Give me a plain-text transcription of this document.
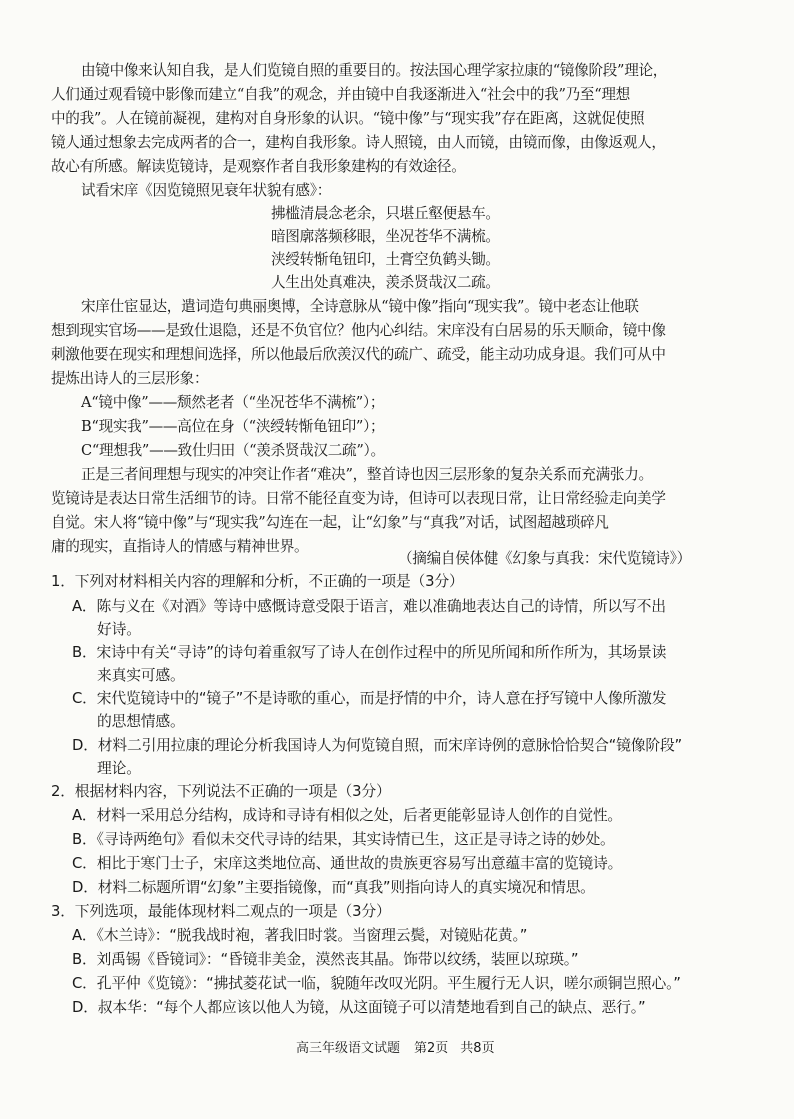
由镜中像来认知自我，是人们览镜自照的重要目的。按法国心理学家拉康的“镜像阶段”理论，
人们通过观看镜中影像而建立“自我”的观念，并由镜中自我逐渐进入“社会中的我”乃至“理想
中的我”。人在镜前凝视，建构对自身形象的认识。“镜中像”与“现实我”存在距离，这就促使照
镜人通过想象去完成两者的合一，建构自我形象。诗人照镜，由人而镜，由镜而像，由像返观人，
故心有所感。解读览镜诗，是观察作者自我形象建构的有效途径。
试看宋庠《因览镜照见衰年状貌有感》：
拂槛清晨念老余，只堪丘壑便悬车。
暗图廓落频移眼，坐况苍华不满梳。
浃绶转惭龟钮印，土膏空负鹤头锄。
人生出处真难决，羡杀贤哉汉二疏。
宋庠仕宦显达，遣词造句典丽奥博，全诗意脉从“镜中像”指向“现实我”。镜中老态让他联
想到现实官场——是致仕退隐，还是不负官位？他内心纠结。宋庠没有白居易的乐天顺命，镜中像
刺激他要在现实和理想间选择，所以他最后欣羡汉代的疏广、疏受，能主动功成身退。我们可从中
提炼出诗人的三层形象：
A“镜中像”——颓然老者（“坐况苍华不满梳”）；
B“现实我”——高位在身（“浃绶转惭龟钮印”）；
C“理想我”——致仕归田（“羡杀贤哉汉二疏”）。
正是三者间理想与现实的冲突让作者“难决”，整首诗也因三层形象的复杂关系而充满张力。
览镜诗是表达日常生活细节的诗。日常不能径直变为诗，但诗可以表现日常，让日常经验走向美学
自觉。宋人将“镜中像”与“现实我”勾连在一起，让“幻象”与“真我”对话，试图超越琐碎凡
庸的现实，直指诗人的情感与精神世界。
（摘编自侯体健《幻象与真我：宋代览镜诗》）
1．下列对材料相关内容的理解和分析，不正确的一项是（3分）
A．陈与义在《对酒》等诗中感慨诗意受限于语言，难以准确地表达自己的诗情，所以写不出
好诗。
B．宋诗中有关“寻诗”的诗句着重叙写了诗人在创作过程中的所见所闻和所作所为，其场景读
来真实可感。
C．宋代览镜诗中的“镜子”不是诗歌的重心，而是抒情的中介，诗人意在抒写镜中人像所激发
的思想情感。
D．材料二引用拉康的理论分析我国诗人为何览镜自照，而宋庠诗例的意脉恰恰契合“镜像阶段”
理论。
2．根据材料内容，下列说法不正确的一项是（3分）
A．材料一采用总分结构，成诗和寻诗有相似之处，后者更能彰显诗人创作的自觉性。
B．《寻诗两绝句》看似未交代寻诗的结果，其实诗情已生，这正是寻诗之诗的妙处。
C．相比于寒门士子，宋庠这类地位高、通世故的贵族更容易写出意蕴丰富的览镜诗。
D．材料二标题所谓“幻象”主要指镜像，而“真我”则指向诗人的真实境况和情思。
3．下列选项，最能体现材料二观点的一项是（3分）
A．《木兰诗》：“脱我战时袍，著我旧时裳。当窗理云鬓，对镜贴花黄。”
B．刘禹锡《昏镜词》：“昏镜非美金，漠然丧其晶。饰带以纹绣，装匣以琼瑛。”
C．孔平仲《览镜》：“拂拭菱花试一临，貌随年改叹光阴。平生履行无人识，嗟尔顽铜岂照心。”
D．叔本华：“每个人都应该以他人为镜，从这面镜子可以清楚地看到自己的缺点、恶行。”
高三年级语文试题 第2页 共8页
